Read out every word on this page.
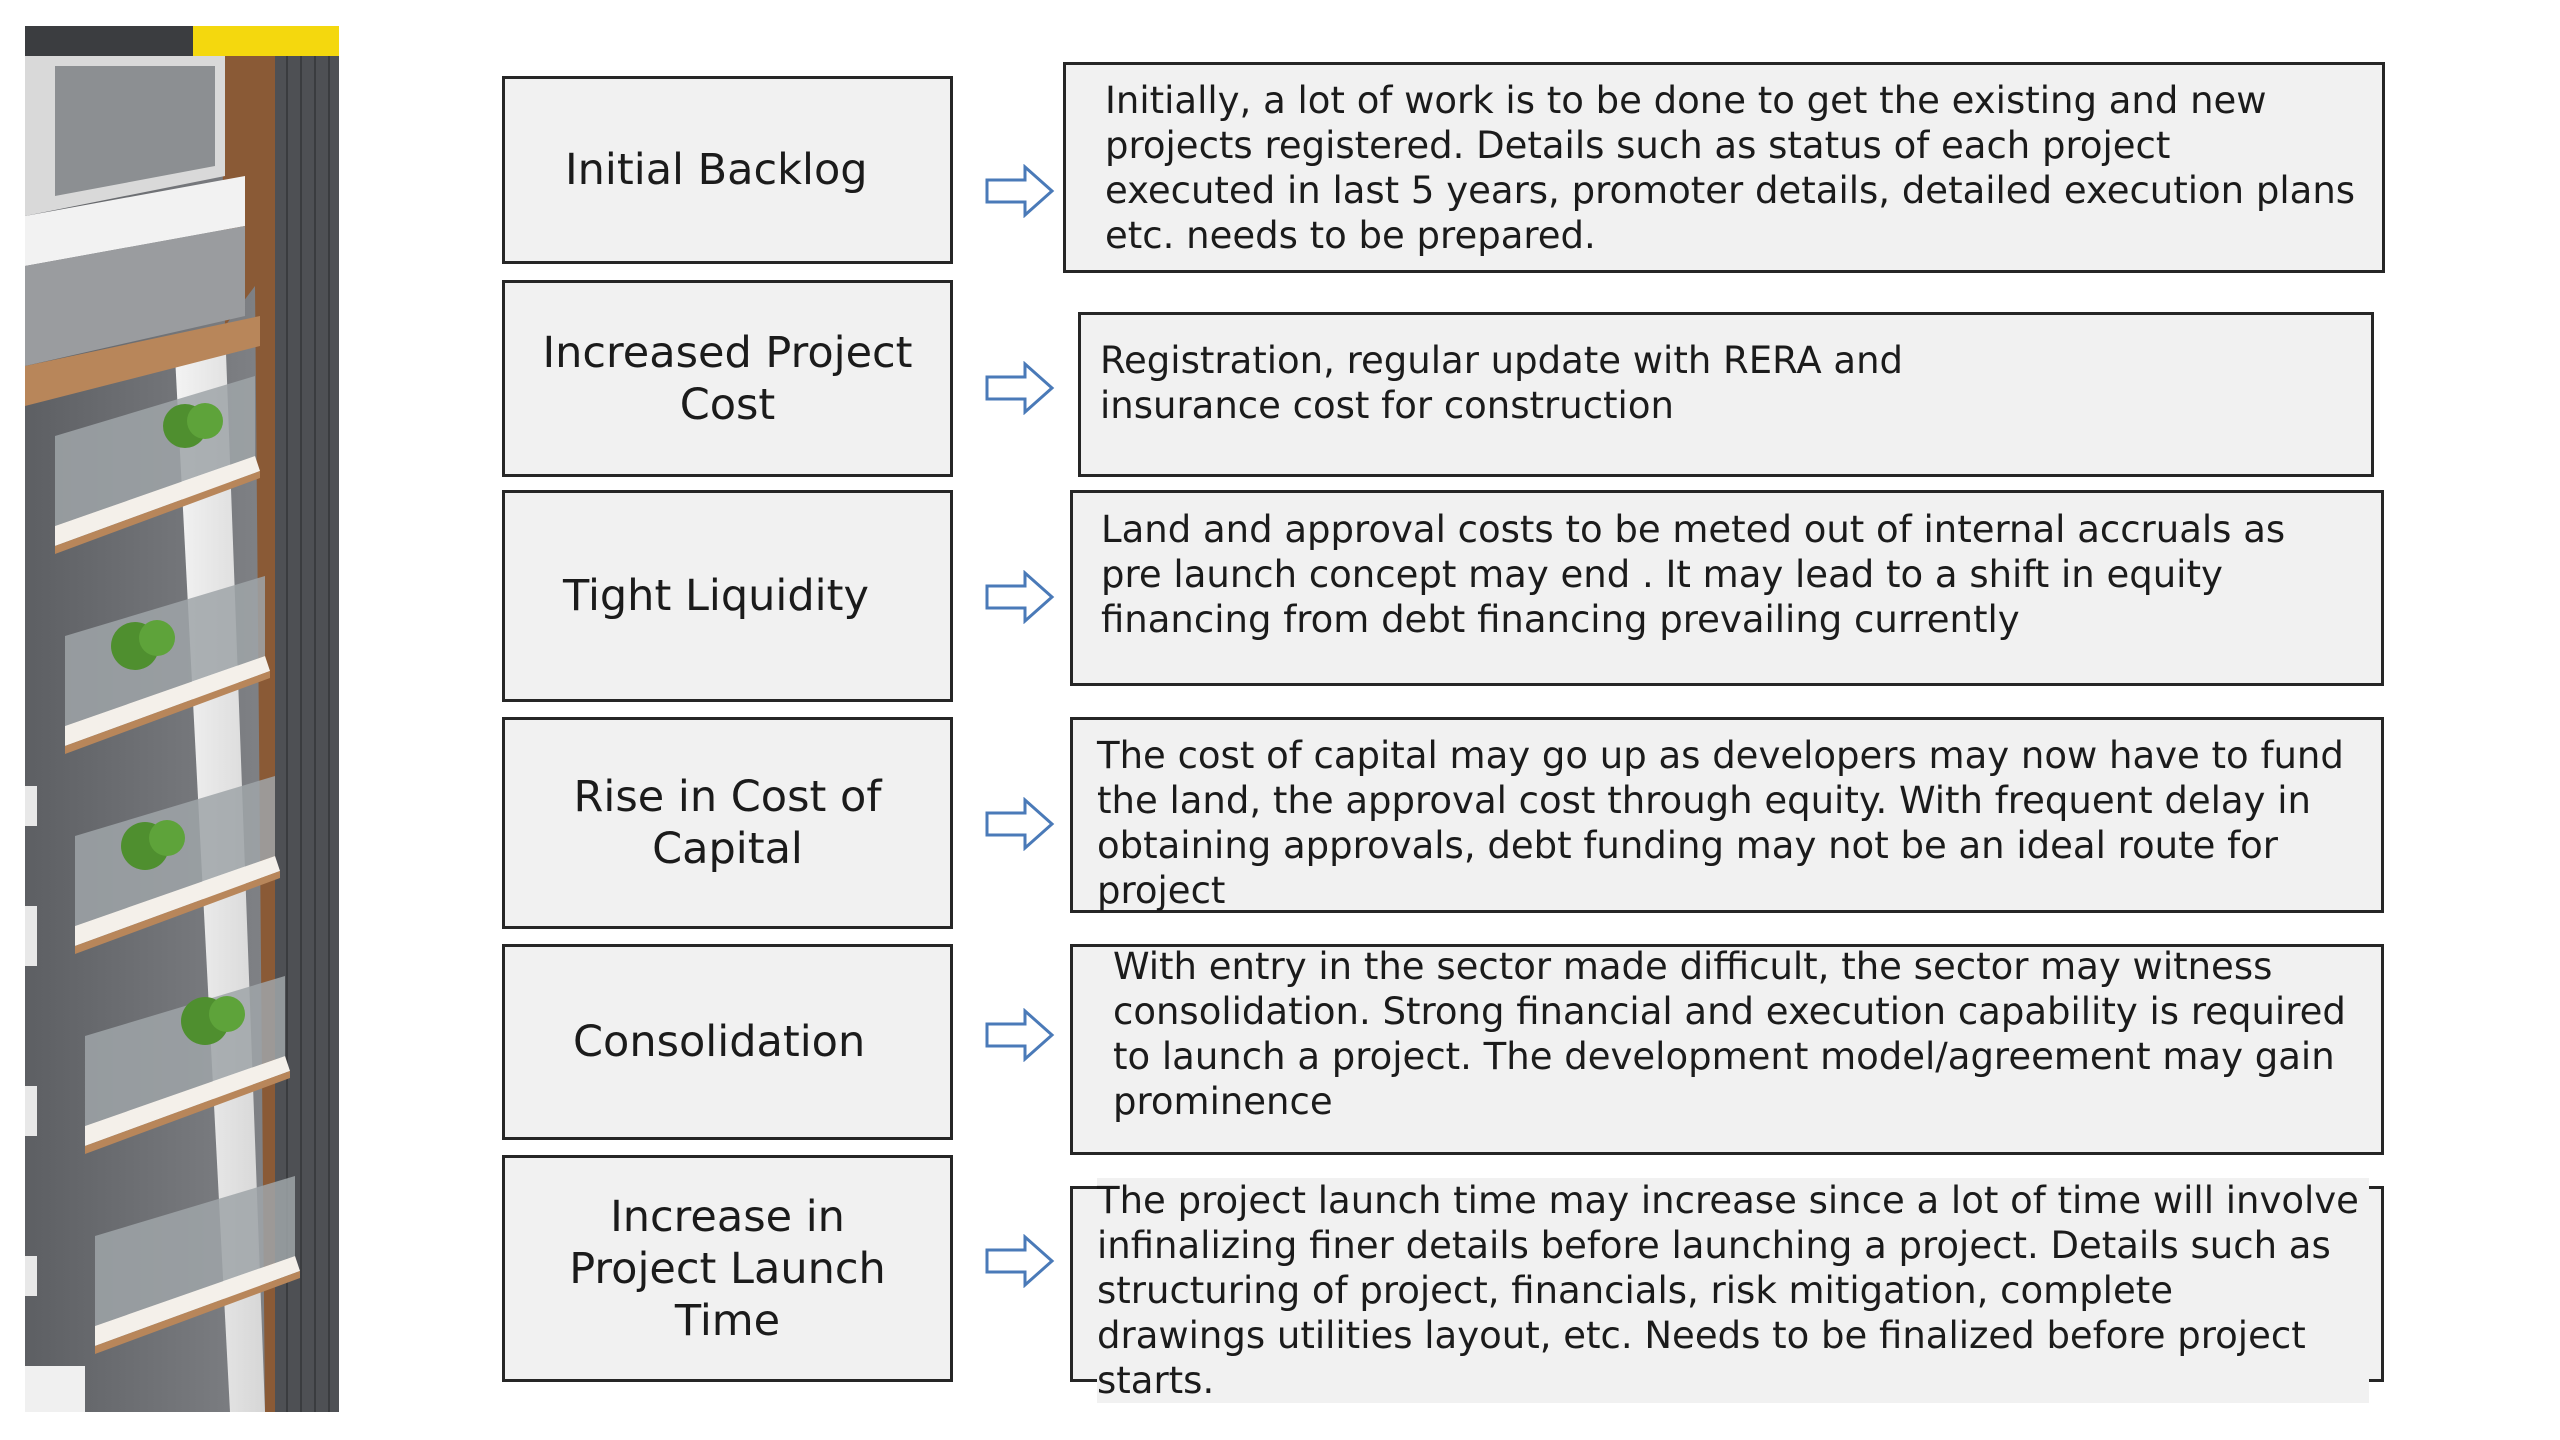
Initial Backlog
Initially, a lot of work is to be done to get the existing and new
projects registered. Details such as status of each project
executed in last 5 years, promoter details, detailed execution plans
etc. needs to be prepared.
Increased Project
Cost
Registration, regular update with RERA and
insurance cost for construction
Tight Liquidity
Land and approval costs to be meted out of internal accruals as
pre launch concept may end . It may lead to a shift in equity
financing from debt financing prevailing currently
Rise in Cost of
Capital
The cost of capital may go up as developers may now have to fund
the land, the approval cost through equity. With frequent delay in
obtaining approvals, debt funding may not be an ideal route for
project
Consolidation
With entry in the sector made difficult, the sector may witness
consolidation. Strong financial and execution capability is required
to launch a project. The development model/agreement may gain
prominence
Increase in
Project Launch
Time
The project launch time may increase since a lot of time will involve
infinalizing finer details before launching a project. Details such as
structuring of project, financials, risk mitigation, complete
drawings utilities layout, etc. Needs to be finalized before project
starts.
